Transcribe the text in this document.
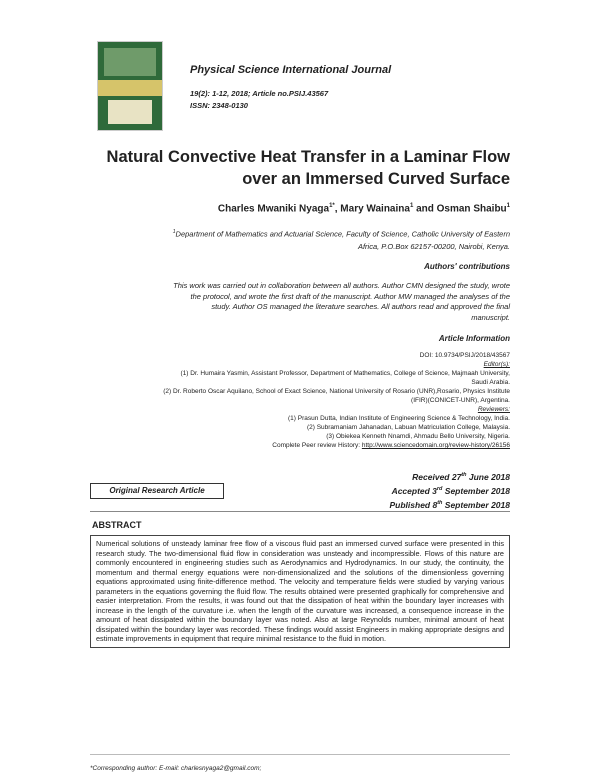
Physical Science International Journal
19(2): 1-12, 2018; Article no.PSIJ.43567
ISSN: 2348-0130
Natural Convective Heat Transfer in a Laminar Flow
over an Immersed Curved Surface
Charles Mwaniki Nyaga$^{1*}$, Mary Wainaina$^1$ and Osman Shaibu$^1$
$^1$Department of Mathematics and Actuarial Science, Faculty of Science, Catholic University of Eastern
Africa, P.O.Box 62157-00200, Nairobi, Kenya.
Authors' contributions
This work was carried out in collaboration between all authors. Author CMN designed the study, wrote
the protocol, and wrote the first draft of the manuscript. Author MW managed the analyses of the
study. Author OS managed the literature searches. All authors read and approved the final
manuscript.
Article Information
DOI: 10.9734/PSIJ/2018/43567
Editor(s):
(1) Dr. Humaira Yasmin, Assistant Professor, Department of Mathematics, College of Science, Majmaah University,
Saudi Arabia.
(2) Dr. Roberto Oscar Aquilano, School of Exact Science, National University of Rosario (UNR),Rosario, Physics Institute
(IFIR)(CONICET-UNR), Argentina.
Reviewers:
(1) Prasun Dutta, Indian Institute of Engineering Science & Technology, India.
(2) Subramaniam Jahanadan, Labuan Matriculation College, Malaysia.
(3) Obiekea Kenneth Nnamdi, Ahmadu Bello University, Nigeria.
Complete Peer review History: http://www.sciencedomain.org/review-history/26156
Received 27th June 2018
Accepted 3rd September 2018
Published 8th September 2018
Original Research Article
ABSTRACT
Numerical solutions of unsteady laminar free flow of a viscous fluid past an immersed curved surface were presented in this research study. The two-dimensional fluid flow in consideration was unsteady and incompressible. Flows of this nature are commonly encountered in engineering studies such as Aerodynamics and Hydrodynamics. In our study, the continuity, the momentum and thermal energy equations were non-dimensionalized and the solutions of the dimensionless governing equations approximated using finite-difference method. The velocity and temperature fields were studied by varying various parameters in the equations governing the fluid flow. The results obtained were presented graphically for comprehensive and easier interpretation. From the results, it was found out that the dissipation of heat within the boundary layer increases with increase in the length of the curvature i.e. when the length of the curvature was increased, a consequence increase in the amount of heat dissipated within the boundary layer was noted. Also at large Reynolds number, minimal amount of heat dissipated within the boundary layer was recorded. These findings would assist Engineers in making appropriate designs and estimate improvements in equipment that require minimal resistance to the fluid in motion.
*Corresponding author: E-mail: charlesnyaga2@gmail.com;
